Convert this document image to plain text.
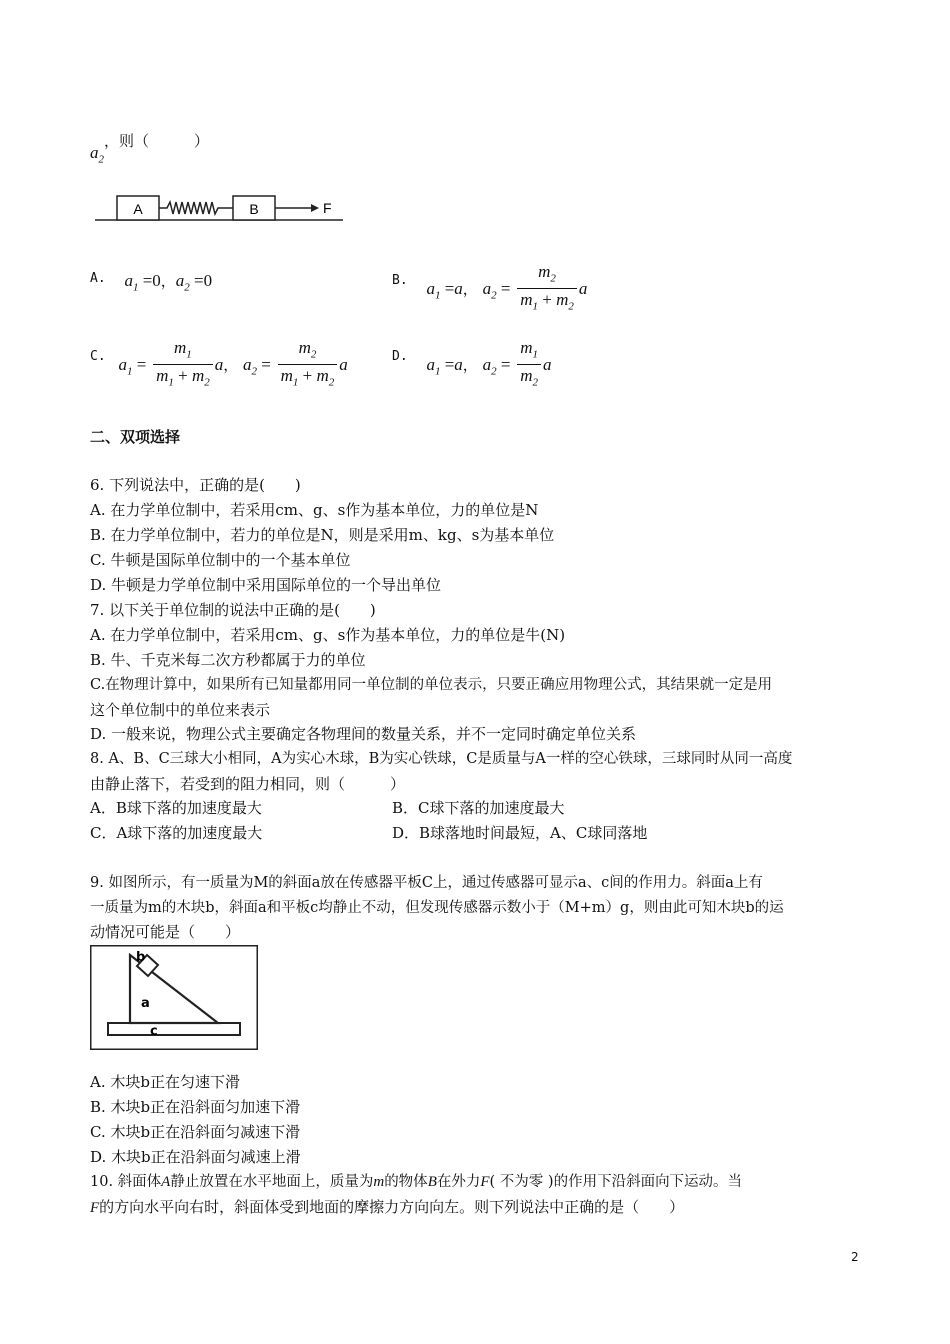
$a_2$，则（　　　）
A	B	F
A. $a_1 =0$，$a_2 =0$	B. $a_1 =a$， $a_2 = \frac{m_2}{m_1 + m_2}$ a
C. $a_1 = \frac{m_1}{m_1 + m_2}$ a， $a_2 = \frac{m_2}{m_1 + m_2}$ a	D. $a_1 =a$， $a_2 = \frac{m_1}{m_2}$ a
二、双项选择
6. 下列说法中，正确的是(　　)
A. 在力学单位制中，若采用cm、g、s作为基本单位，力的单位是N
B. 在力学单位制中，若力的单位是N，则是采用m、kg、s为基本单位
C. 牛顿是国际单位制中的一个基本单位
D. 牛顿是力学单位制中采用国际单位的一个导出单位
7. 以下关于单位制的说法中正确的是(　　)
A. 在力学单位制中，若采用cm、g、s作为基本单位，力的单位是牛(N)
B. 牛、千克米每二次方秒都属于力的单位
C.在物理计算中，如果所有已知量都用同一单位制的单位表示，只要正确应用物理公式，其结果就一定是用
这个单位制中的单位来表示
D. 一般来说，物理公式主要确定各物理间的数量关系，并不一定同时确定单位关系
8. A、B、C三球大小相同，A为实心木球，B为实心铁球，C是质量与A一样的空心铁球，三球同时从同一高度
由静止落下，若受到的阻力相同，则（　　　）
A．B球下落的加速度最大	B．C球下落的加速度最大
C．A球下落的加速度最大	D．B球落地时间最短，A、C球同落地
9. 如图所示，有一质量为M的斜面a放在传感器平板C上，通过传感器可显示a、c间的作用力。斜面a上有
一质量为m的木块b，斜面a和平板c均静止不动，但发现传感器示数小于（M+m）g，则由此可知木块b的运
动情况可能是（　　）
b
a
c
A. 木块b正在匀速下滑
B. 木块b正在沿斜面匀加速下滑
C. 木块b正在沿斜面匀减速下滑
D. 木块b正在沿斜面匀减速上滑
10. 斜面体A静止放置在水平地面上，质量为m的物体B在外力F( 不为零 )的作用下沿斜面向下运动。当
F的方向水平向右时，斜面体受到地面的摩擦力方向向左。则下列说法中正确的是（　　）
2
